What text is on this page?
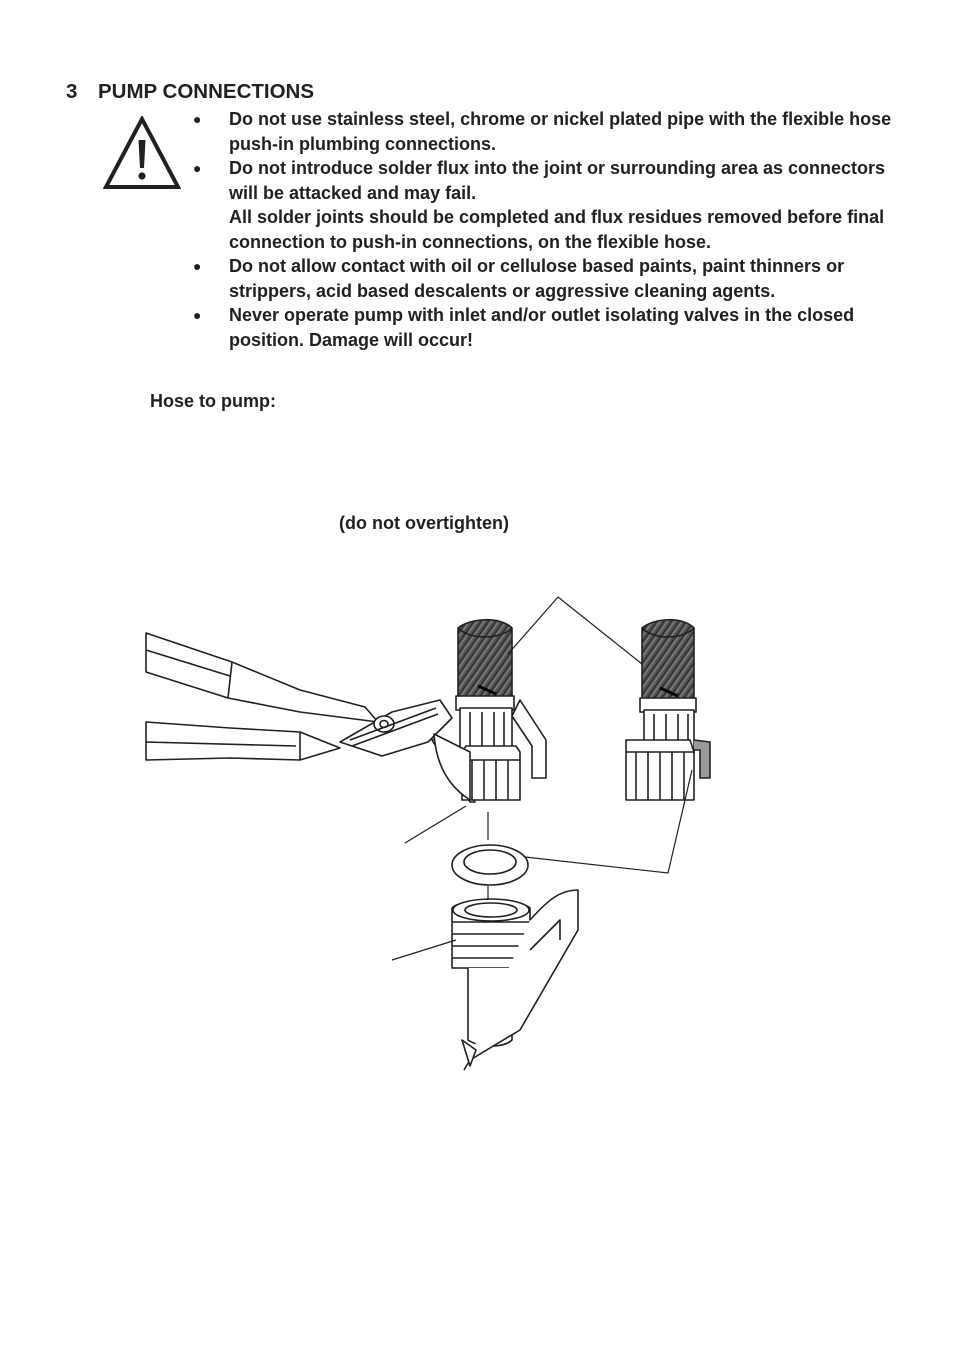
3 PUMP CONNECTIONS
● Do not use stainless steel, chrome or nickel plated pipe with the flexible hose push-in plumbing connections.
● Do not introduce solder flux into the joint or surrounding area as connectors will be attacked and may fail.
All solder joints should be completed and flux residues removed before final connection to push-in connections, on the flexible hose.
● Do not allow contact with oil or cellulose based paints, paint thinners or strippers, acid based descalents or aggressive cleaning agents.
● Never operate pump with inlet and/or outlet isolating valves in the closed position. Damage will occur!
Hose to pump:
(do not overtighten)
